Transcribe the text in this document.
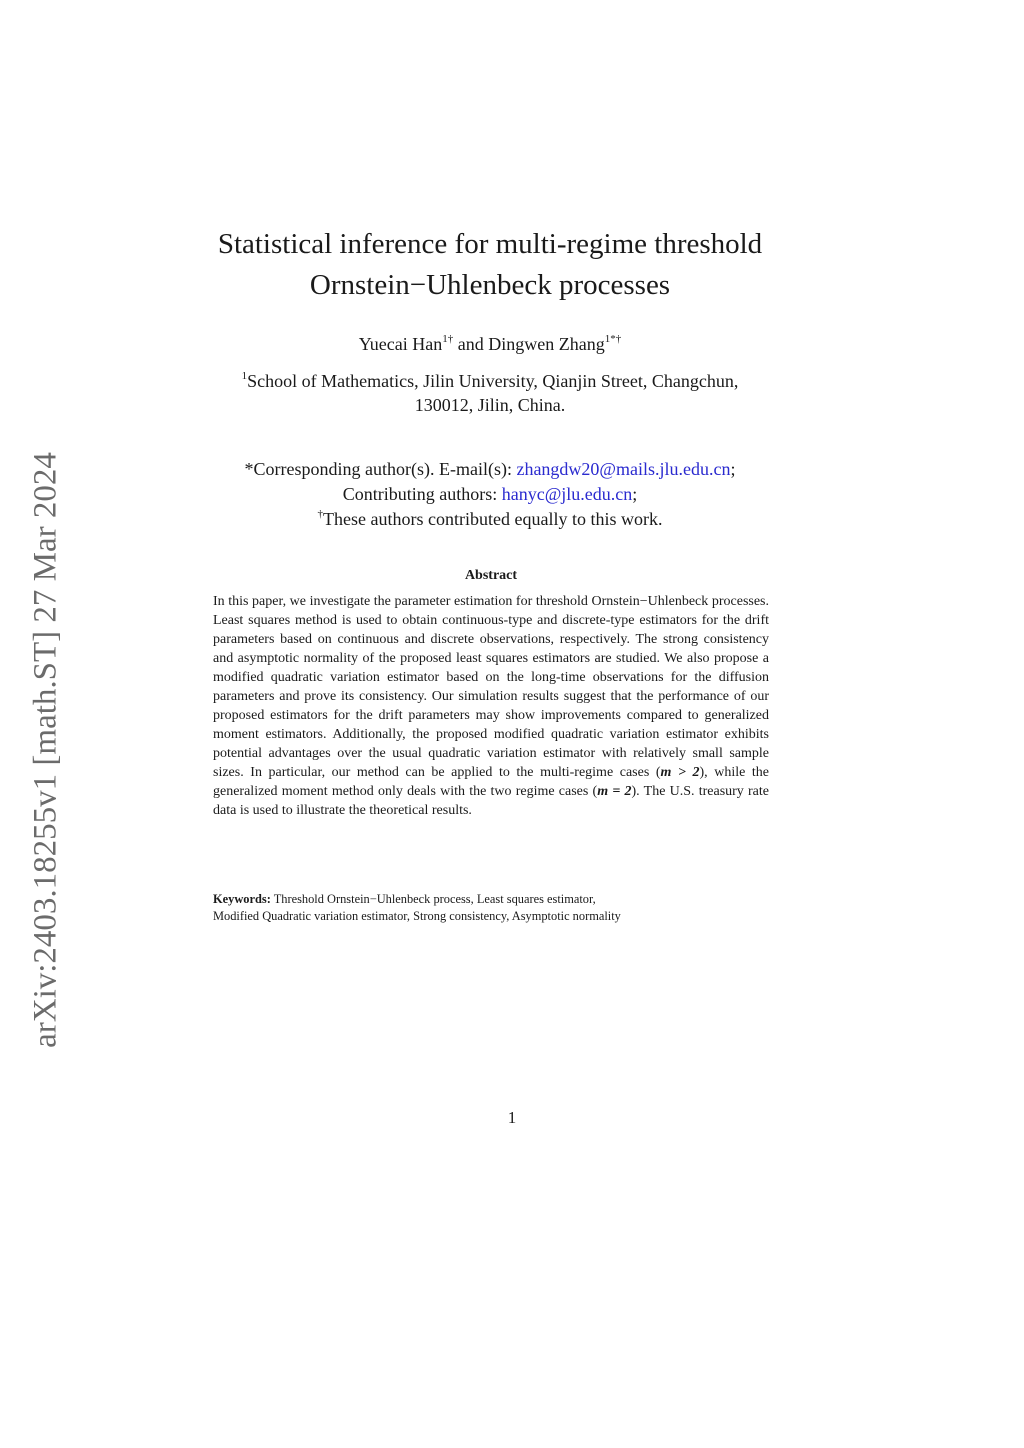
arXiv:2403.18255v1 [math.ST] 27 Mar 2024
Statistical inference for multi-regime threshold
Ornstein−Uhlenbeck processes
Yuecai Han$^{1\dagger}$ and Dingwen Zhang$^{1*\dagger}$
$^1$School of Mathematics, Jilin University, Qianjin Street, Changchun,
130012, Jilin, China.
*Corresponding author(s). E-mail(s): zhangdw20@mails.jlu.edu.cn;
Contributing authors: hanyc@jlu.edu.cn;
†These authors contributed equally to this work.
Abstract
In this paper, we investigate the parameter estimation for threshold Ornstein−Uhlenbeck processes. Least squares method is used to obtain continuous-type and discrete-type estimators for the drift parameters based on continuous and discrete observations, respectively. The strong consistency and asymptotic normality of the proposed least squares estimators are studied. We also propose a modified quadratic variation estimator based on the long-time observations for the diffusion parameters and prove its consistency. Our simulation results suggest that the performance of our proposed estimators for the drift parameters may show improvements compared to generalized moment estimators. Additionally, the proposed modified quadratic variation estimator exhibits potential advantages over the usual quadratic variation estimator with relatively small sample sizes. In particular, our method can be applied to the multi-regime cases (m > 2), while the generalized moment method only deals with the two regime cases (m = 2). The U.S. treasury rate data is used to illustrate the theoretical results.
Keywords: Threshold Ornstein−Uhlenbeck process, Least squares estimator,
Modified Quadratic variation estimator, Strong consistency, Asymptotic normality
1
